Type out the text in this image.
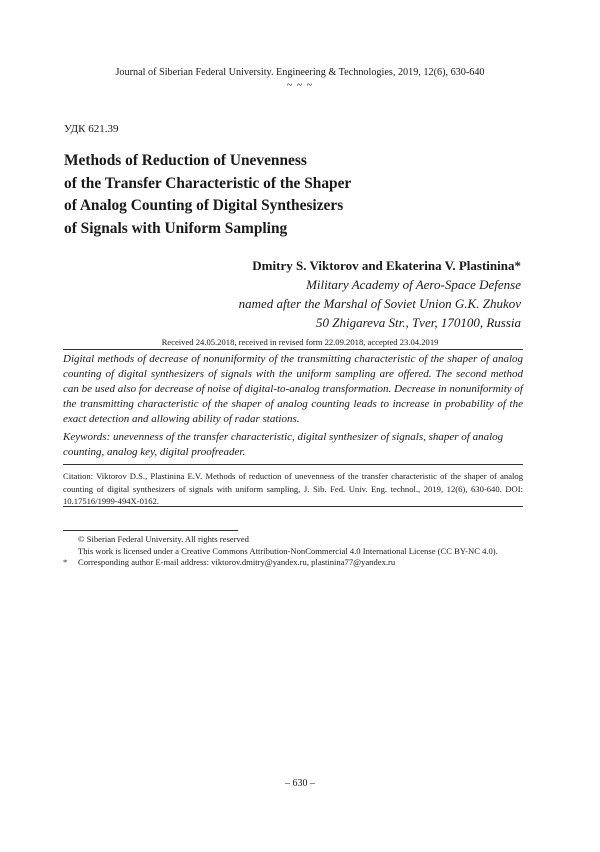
Journal of Siberian Federal University. Engineering & Technologies, 2019, 12(6), 630-640
~ ~ ~
УДК 621.39
Methods of Reduction of Unevenness
of the Transfer Characteristic of the Shaper
of Analog Counting of Digital Synthesizers
of Signals with Uniform Sampling
Dmitry S. Viktorov and Ekaterina V. Plastinina*
Military Academy of Aero-Space Defense
named after the Marshal of Soviet Union G.K. Zhukov
50 Zhigareva Str., Tver, 170100, Russia
Received 24.05.2018, received in revised form 22.09.2018, accepted 23.04.2019
Digital methods of decrease of nonuniformity of the transmitting characteristic of the shaper of analog counting of digital synthesizers of signals with the uniform sampling are offered. The second method can be used also for decrease of noise of digital-to-analog transformation. Decrease in nonuniformity of the transmitting characteristic of the shaper of analog counting leads to increase in probability of the exact detection and allowing ability of radar stations.
Keywords: unevenness of the transfer characteristic, digital synthesizer of signals, shaper of analog counting, analog key, digital proofreader.
Citation: Viktorov D.S., Plastinina E.V. Methods of reduction of unevenness of the transfer characteristic of the shaper of analog counting of digital synthesizers of signals with uniform sampling, J. Sib. Fed. Univ. Eng. technol., 2019, 12(6), 630-640. DOI: 10.17516/1999-494X-0162.
© Siberian Federal University. All rights reserved
This work is licensed under a Creative Commons Attribution-NonCommercial 4.0 International License (CC BY-NC 4.0).
*	Corresponding author E-mail address: viktorov.dmitry@yandex.ru, plastinina77@yandex.ru
– 630 –
